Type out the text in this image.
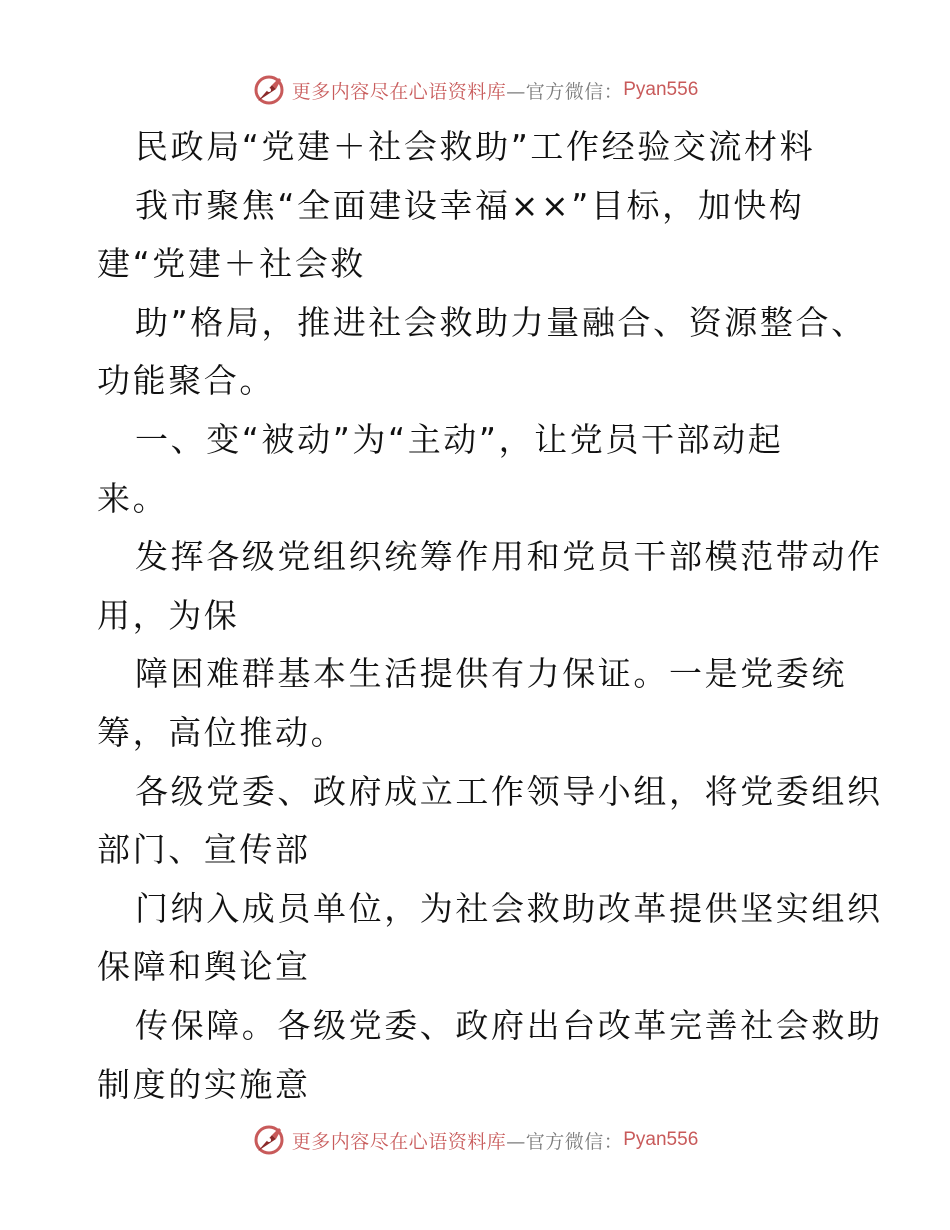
更多内容尽在心语资料库 —官方微信： Pyan556
民政局“党建＋社会救助”工作经验交流材料
我市聚焦“全面建设幸福××”目标，加快构
建“党建＋社会救
助”格局，推进社会救助力量融合、资源整合、
功能聚合。
一、变“被动”为“主动”，让党员干部动起
来。
发挥各级党组织统筹作用和党员干部模范带动作
用，为保
障困难群基本生活提供有力保证。一是党委统
筹，高位推动。
各级党委、政府成立工作领导小组，将党委组织
部门、宣传部
门纳入成员单位，为社会救助改革提供坚实组织
保障和舆论宣
传保障。各级党委、政府出台改革完善社会救助
制度的实施意
更多内容尽在心语资料库 —官方微信： Pyan556
